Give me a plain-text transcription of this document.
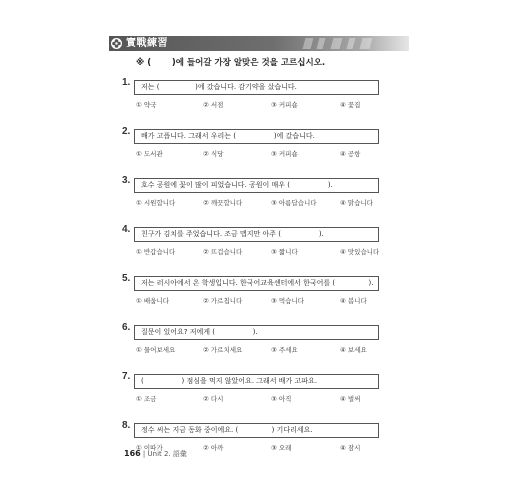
實戰練習
※ (       )에 들어갈 가장 알맞은 것을 고르십시오.
1. 저는 (                )에 갔습니다. 감기약을 샀습니다.
① 약국	② 서점	③ 커피숍	④ 꽃집
2. 배가 고픕니다. 그래서 우리는 (                 )에 갔습니다.
① 도서관	② 식당	③ 커피숍	④ 공항
3. 호수 공원에 꽃이 많이 피었습니다. 공원이 매우 (                 ).
① 시원합니다	② 깨끗합니다	③ 아름답습니다	④ 맑습니다
4. 친구가 김치를 주었습니다. 조금 맵지만 아주 (                 ).
① 반갑습니다	② 뜨겁습니다	③ 짧니다	④ 맛있습니다
5. 저는 러시아에서 온 학생입니다. 한국어교육센터에서 한국어를 (               ).
① 배웁니다	② 가르칩니다	③ 먹습니다	④ 봅니다
6. 질문이 있어요? 저에게 (                 ).
① 물어보세요	② 가르치세요	③ 주세요	④ 보세요
7. (                 ) 점심을 먹지 않았어요. 그래서 배가 고파요.
① 조금	② 다시	③ 아직	④ 벌써
8. 정수 씨는 지금 동화 중이에요. (               ) 기다리세요.
① 이따가	② 아까	③ 오래	④ 잠시
166 | Unit 2. 語彙
